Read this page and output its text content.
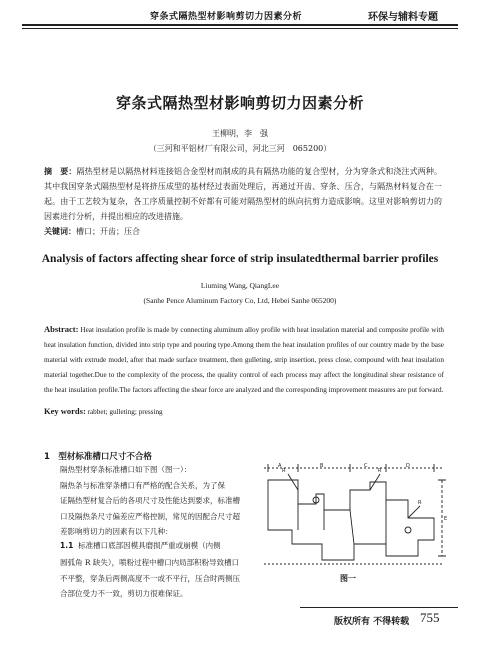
穿条式隔热型材影响剪切力因素分析	环保与辅料专题
穿条式隔热型材影响剪切力因素分析
王柳明，李　强
（三河和平铝材厂有限公司，河北三河　065200）
摘　要：隔热型材是以隔热材料连接铝合金型材而制成的具有隔热功能的复合型材，分为穿条式和浇注式两种。其中我国穿条式隔热型材是将挤压成型的基材经过表面处理后，再通过开齿、穿条、压合，与隔热材料复合在一起。由于工艺较为复杂，各工序质量控制不好都有可能对隔热型材的纵向抗剪力造成影响。这里对影响剪切力的因素进行分析，并提出相应的改进措施。
关键词：槽口；开齿；压合
Analysis of factors affecting shear force of strip insulatedthermal barrier profiles
Liuming Wang, QiangLee
(Sanhe Pence Aluminum Factory Co, Ltd, Hebei Sanhe 065200)
Abstract: Heat insulation profile is made by connecting aluminum alloy profile with heat insulation material and composite profile with heat insulation function, divided into strip type and pouring type.Among them the heat insulation profiles of our country made by the base material with extrude model, after that made surface treatment, then gulleting, strip insertion, press close, compound with heat insulation material together.Due to the complexity of the process, the quality control of each process may affect the longitudinal shear resistance of the heat insulation profile.The factors affecting the shear force are analyzed and the corresponding improvement measures are put forward.
Key words: rabbet; gulleting; pressing
1　型材标准槽口尺寸不合格
隔热型材穿条标准槽口如下图（图一）：
隔热条与标准穿条槽口有严格的配合关系，为了保
证隔热型材复合后的各项尺寸及性能达到要求，标准槽
口及隔热条尺寸偏差应严格控制，常见的因配合尺寸超
差影响剪切力的因素有以下几种：
1.1 标准槽口底部因模具磨损严重或崩模（内侧
圆弧角 R 缺失），喷粉过程中槽口内局部积粉导致槽口
不平整，穿条后两侧高度不一或不平行，压合时两侧压
合部位受力不一致，剪切力很难保证。
A	B	C	D
E
R	R
R
图一
版权所有 不得转载 755
